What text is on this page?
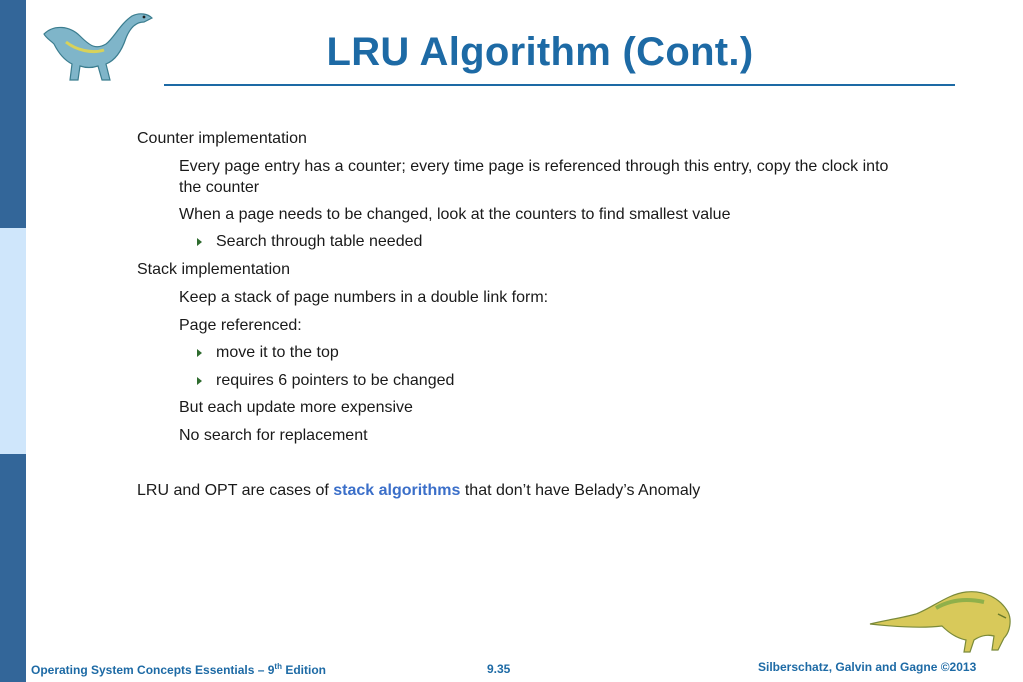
LRU Algorithm (Cont.)
Counter implementation
Every page entry has a counter; every time page is referenced through this entry, copy the clock into
the counter
When a page needs to be changed, look at the counters to find smallest value
Search through table needed
Stack implementation
Keep a stack of page numbers in a double link form:
Page referenced:
move it to the top
requires 6 pointers to be changed
But each update more expensive
No search for replacement
LRU and OPT are cases of stack algorithms that don’t have Belady’s Anomaly
Operating System Concepts Essentials – 9th Edition	9.35	Silberschatz, Galvin and Gagne ©2013
